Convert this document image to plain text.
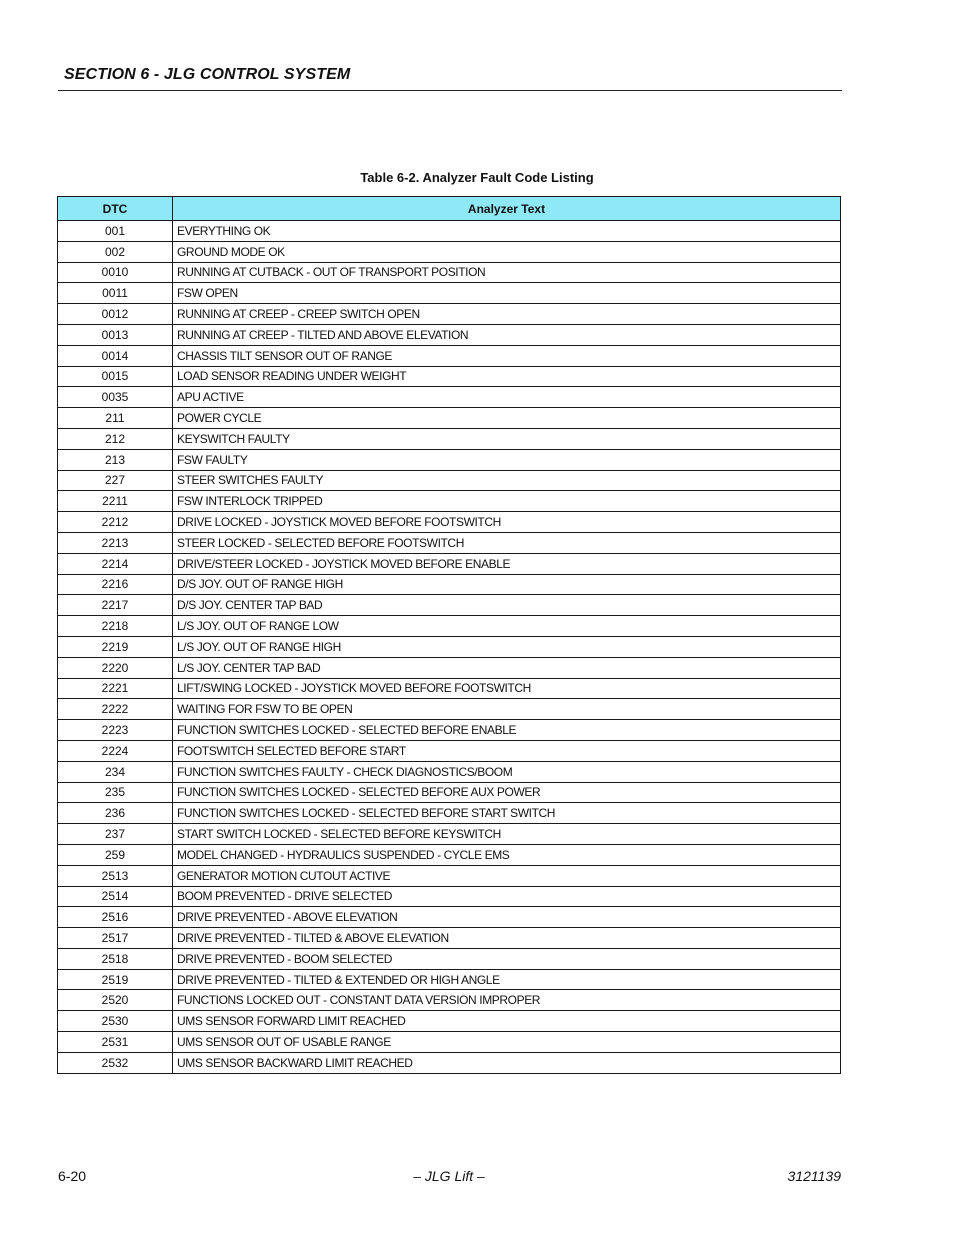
SECTION 6 - JLG CONTROL SYSTEM
Table 6-2. Analyzer Fault Code Listing
DTC	Analyzer Text
001	EVERYTHING OK
002	GROUND MODE OK
0010	RUNNING AT CUTBACK - OUT OF TRANSPORT POSITION
0011	FSW OPEN
0012	RUNNING AT CREEP - CREEP SWITCH OPEN
0013	RUNNING AT CREEP - TILTED AND ABOVE ELEVATION
0014	CHASSIS TILT SENSOR OUT OF RANGE
0015	LOAD SENSOR READING UNDER WEIGHT
0035	APU ACTIVE
211	POWER CYCLE
212	KEYSWITCH FAULTY
213	FSW FAULTY
227	STEER SWITCHES FAULTY
2211	FSW INTERLOCK TRIPPED
2212	DRIVE LOCKED - JOYSTICK MOVED BEFORE FOOTSWITCH
2213	STEER LOCKED - SELECTED BEFORE FOOTSWITCH
2214	DRIVE/STEER LOCKED - JOYSTICK MOVED BEFORE ENABLE
2216	D/S JOY. OUT OF RANGE HIGH
2217	D/S JOY. CENTER TAP BAD
2218	L/S JOY. OUT OF RANGE LOW
2219	L/S JOY. OUT OF RANGE HIGH
2220	L/S JOY. CENTER TAP BAD
2221	LIFT/SWING LOCKED - JOYSTICK MOVED BEFORE FOOTSWITCH
2222	WAITING FOR FSW TO BE OPEN
2223	FUNCTION SWITCHES LOCKED - SELECTED BEFORE ENABLE
2224	FOOTSWITCH SELECTED BEFORE START
234	FUNCTION SWITCHES FAULTY - CHECK DIAGNOSTICS/BOOM
235	FUNCTION SWITCHES LOCKED - SELECTED BEFORE AUX POWER
236	FUNCTION SWITCHES LOCKED - SELECTED BEFORE START SWITCH
237	START SWITCH LOCKED - SELECTED BEFORE KEYSWITCH
259	MODEL CHANGED - HYDRAULICS SUSPENDED - CYCLE EMS
2513	GENERATOR MOTION CUTOUT ACTIVE
2514	BOOM PREVENTED - DRIVE SELECTED
2516	DRIVE PREVENTED - ABOVE ELEVATION
2517	DRIVE PREVENTED - TILTED & ABOVE ELEVATION
2518	DRIVE PREVENTED - BOOM SELECTED
2519	DRIVE PREVENTED - TILTED & EXTENDED OR HIGH ANGLE
2520	FUNCTIONS LOCKED OUT - CONSTANT DATA VERSION IMPROPER
2530	UMS SENSOR FORWARD LIMIT REACHED
2531	UMS SENSOR OUT OF USABLE RANGE
2532	UMS SENSOR BACKWARD LIMIT REACHED
6-20	– JLG Lift –	3121139
